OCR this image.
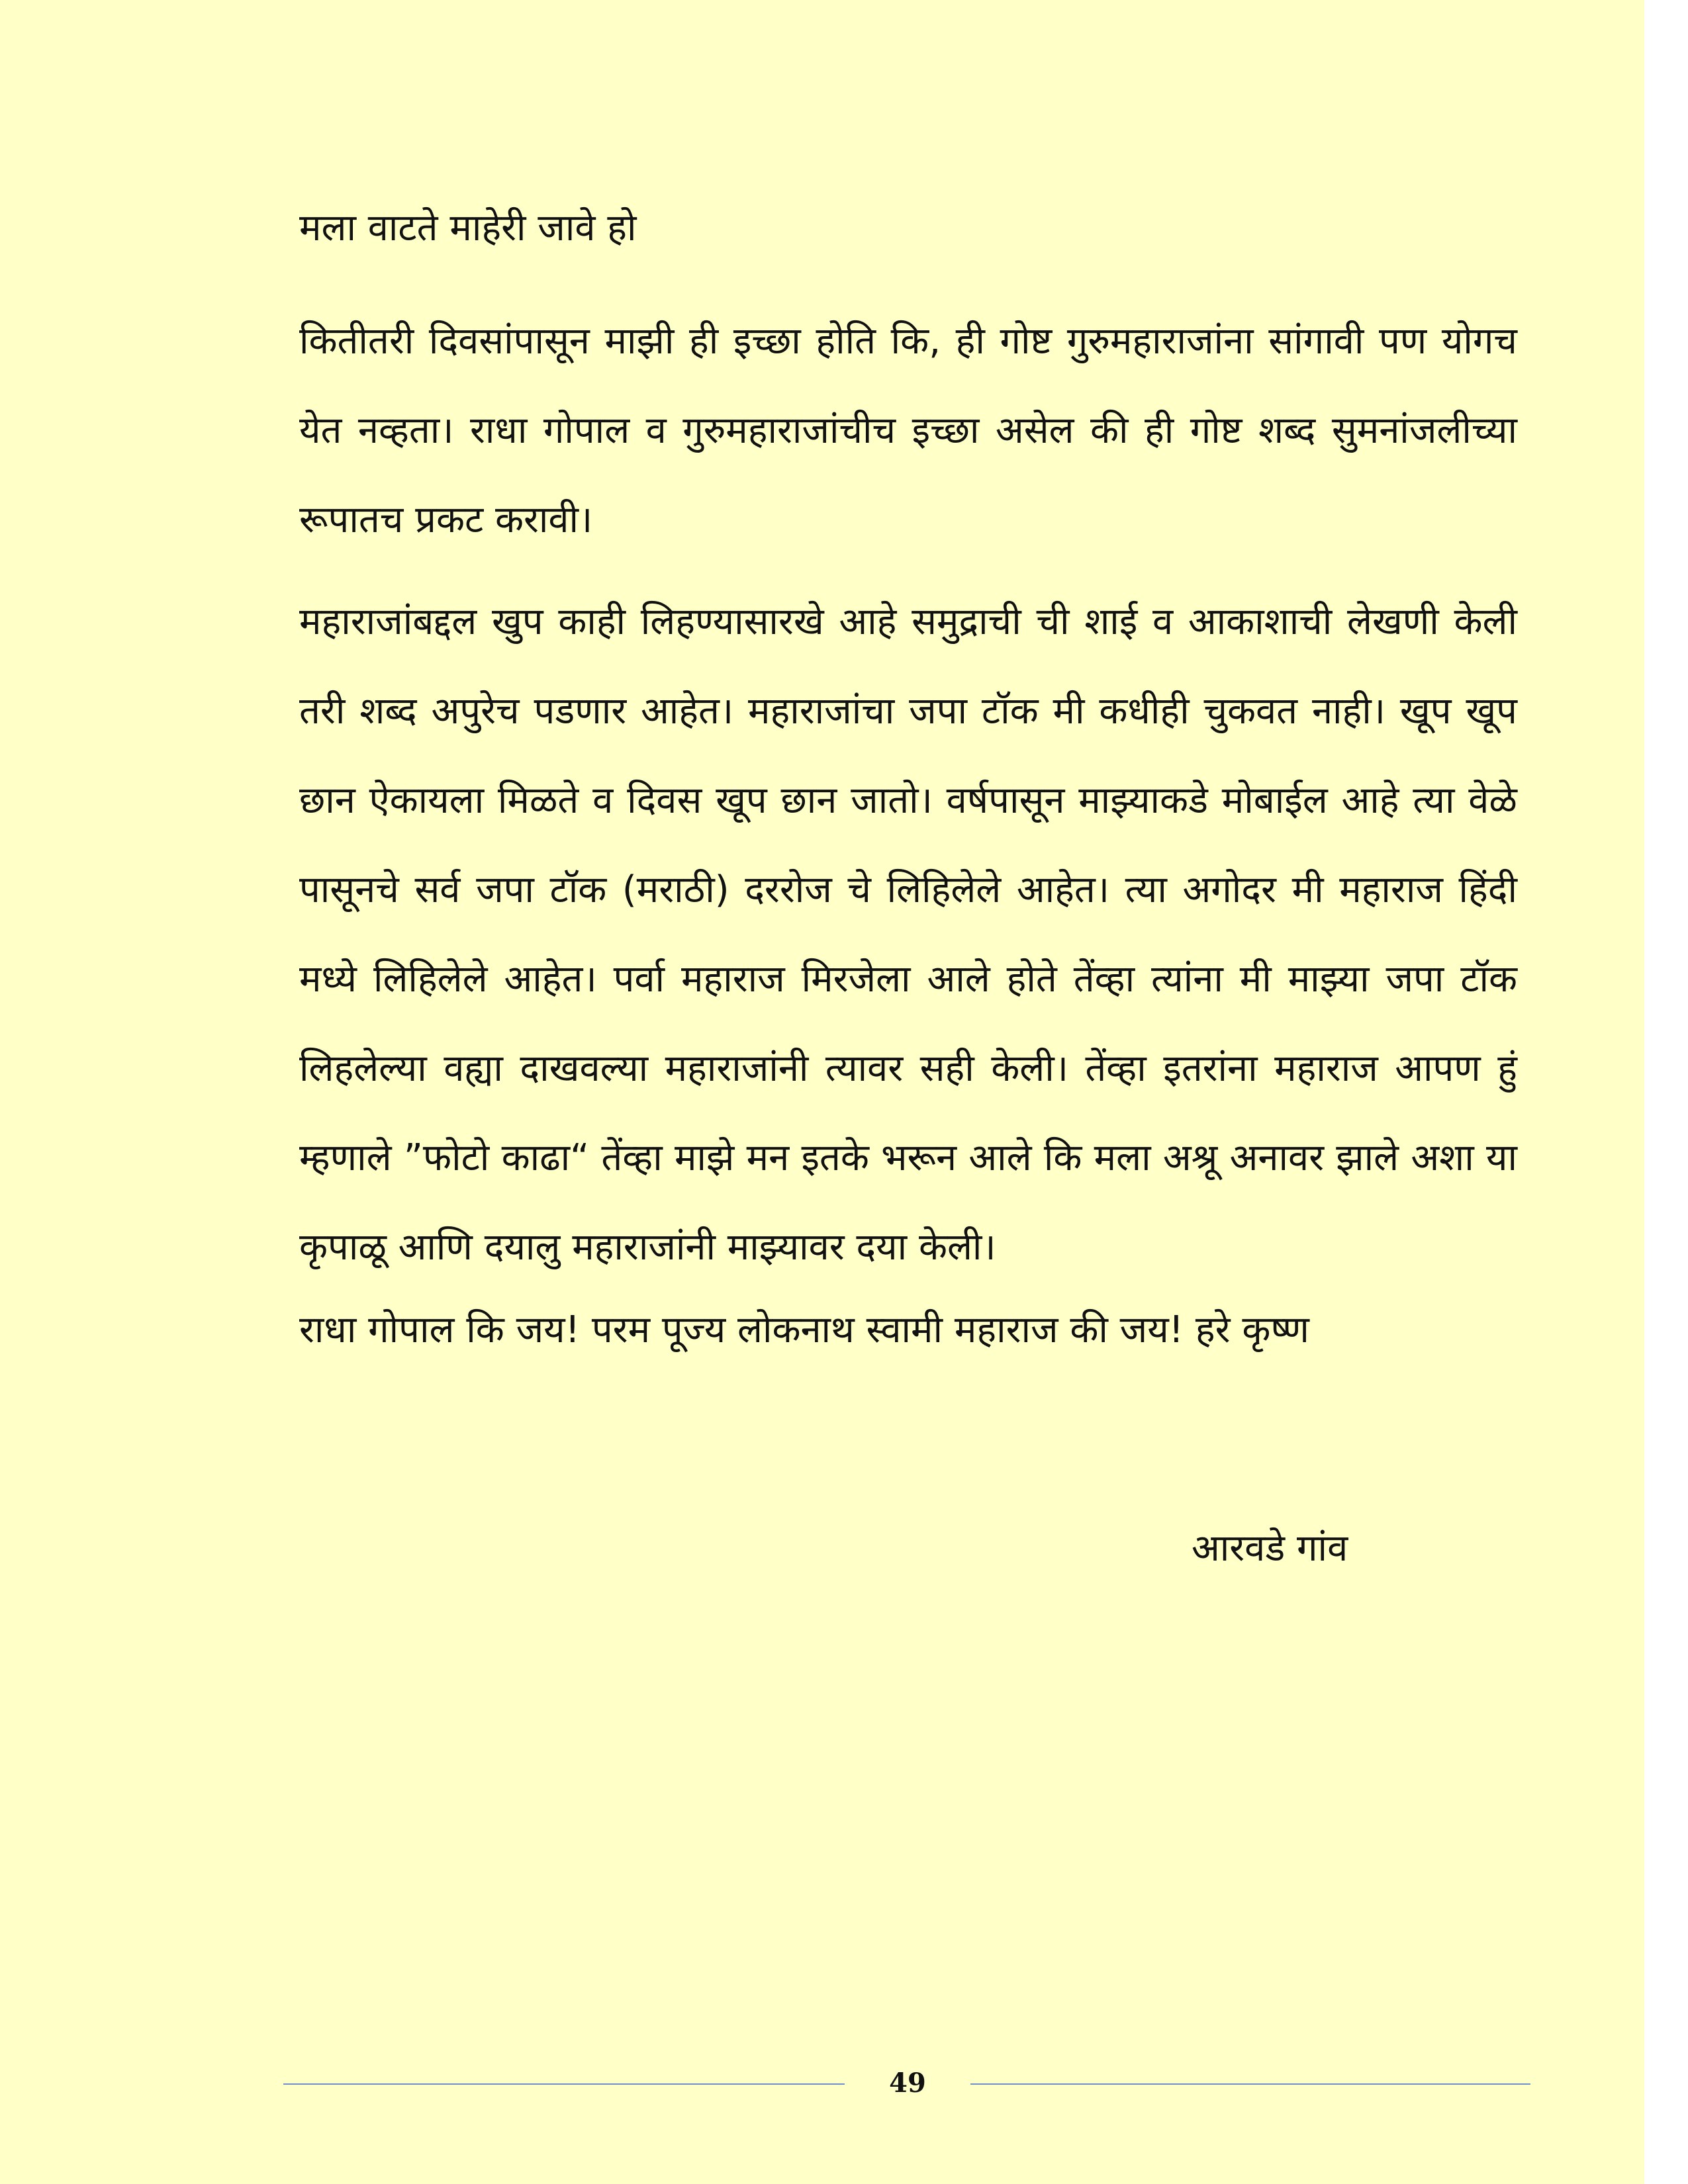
मला वाटते माहेरी जावे हो

कितीतरी दिवसांपासून माझी ही इच्छा होति कि, ही गोष्ट गुरुमहाराजांना सांगावी पण योगच येत नव्हता। राधा गोपाल व गुरुमहाराजांचीच इच्छा असेल की ही गोष्ट शब्द सुमनांजलीच्या रूपातच प्रकट करावी।

महाराजांबद्दल खुप काही लिहण्यासारखे आहे समुद्राची ची शाई व आकाशाची लेखणी केली तरी शब्द अपुरेच पडणार आहेत। महाराजांचा जपा टॉक मी कधीही चुकवत नाही। खूप खूप छान ऐकायला मिळते व दिवस खूप छान जातो। वर्षपासून माझ्याकडे मोबाईल आहे त्या वेळे पासूनचे सर्व जपा टॉक (मराठी) दररोज चे लिहिलेले आहेत। त्या अगोदर मी महाराज हिंदी मध्ये लिहिलेले आहेत। पर्वा महाराज मिरजेला आले होते तेंव्हा त्यांना मी माझ्या जपा टॉक लिहलेल्या वह्या दाखवल्या महाराजांनी त्यावर सही केली। तेंव्हा इतरांना महाराज आपण हुं म्हणाले ”फोटो काढा“ तेंव्हा माझे मन इतके भरून आले कि मला अश्रू अनावर झाले अशा या कृपाळू आणि दयालु महाराजांनी माझ्यावर दया केली।

राधा गोपाल कि जय! परम पूज्य लोकनाथ स्वामी महाराज की जय! हरे कृष्ण

आरवडे गांव
49
